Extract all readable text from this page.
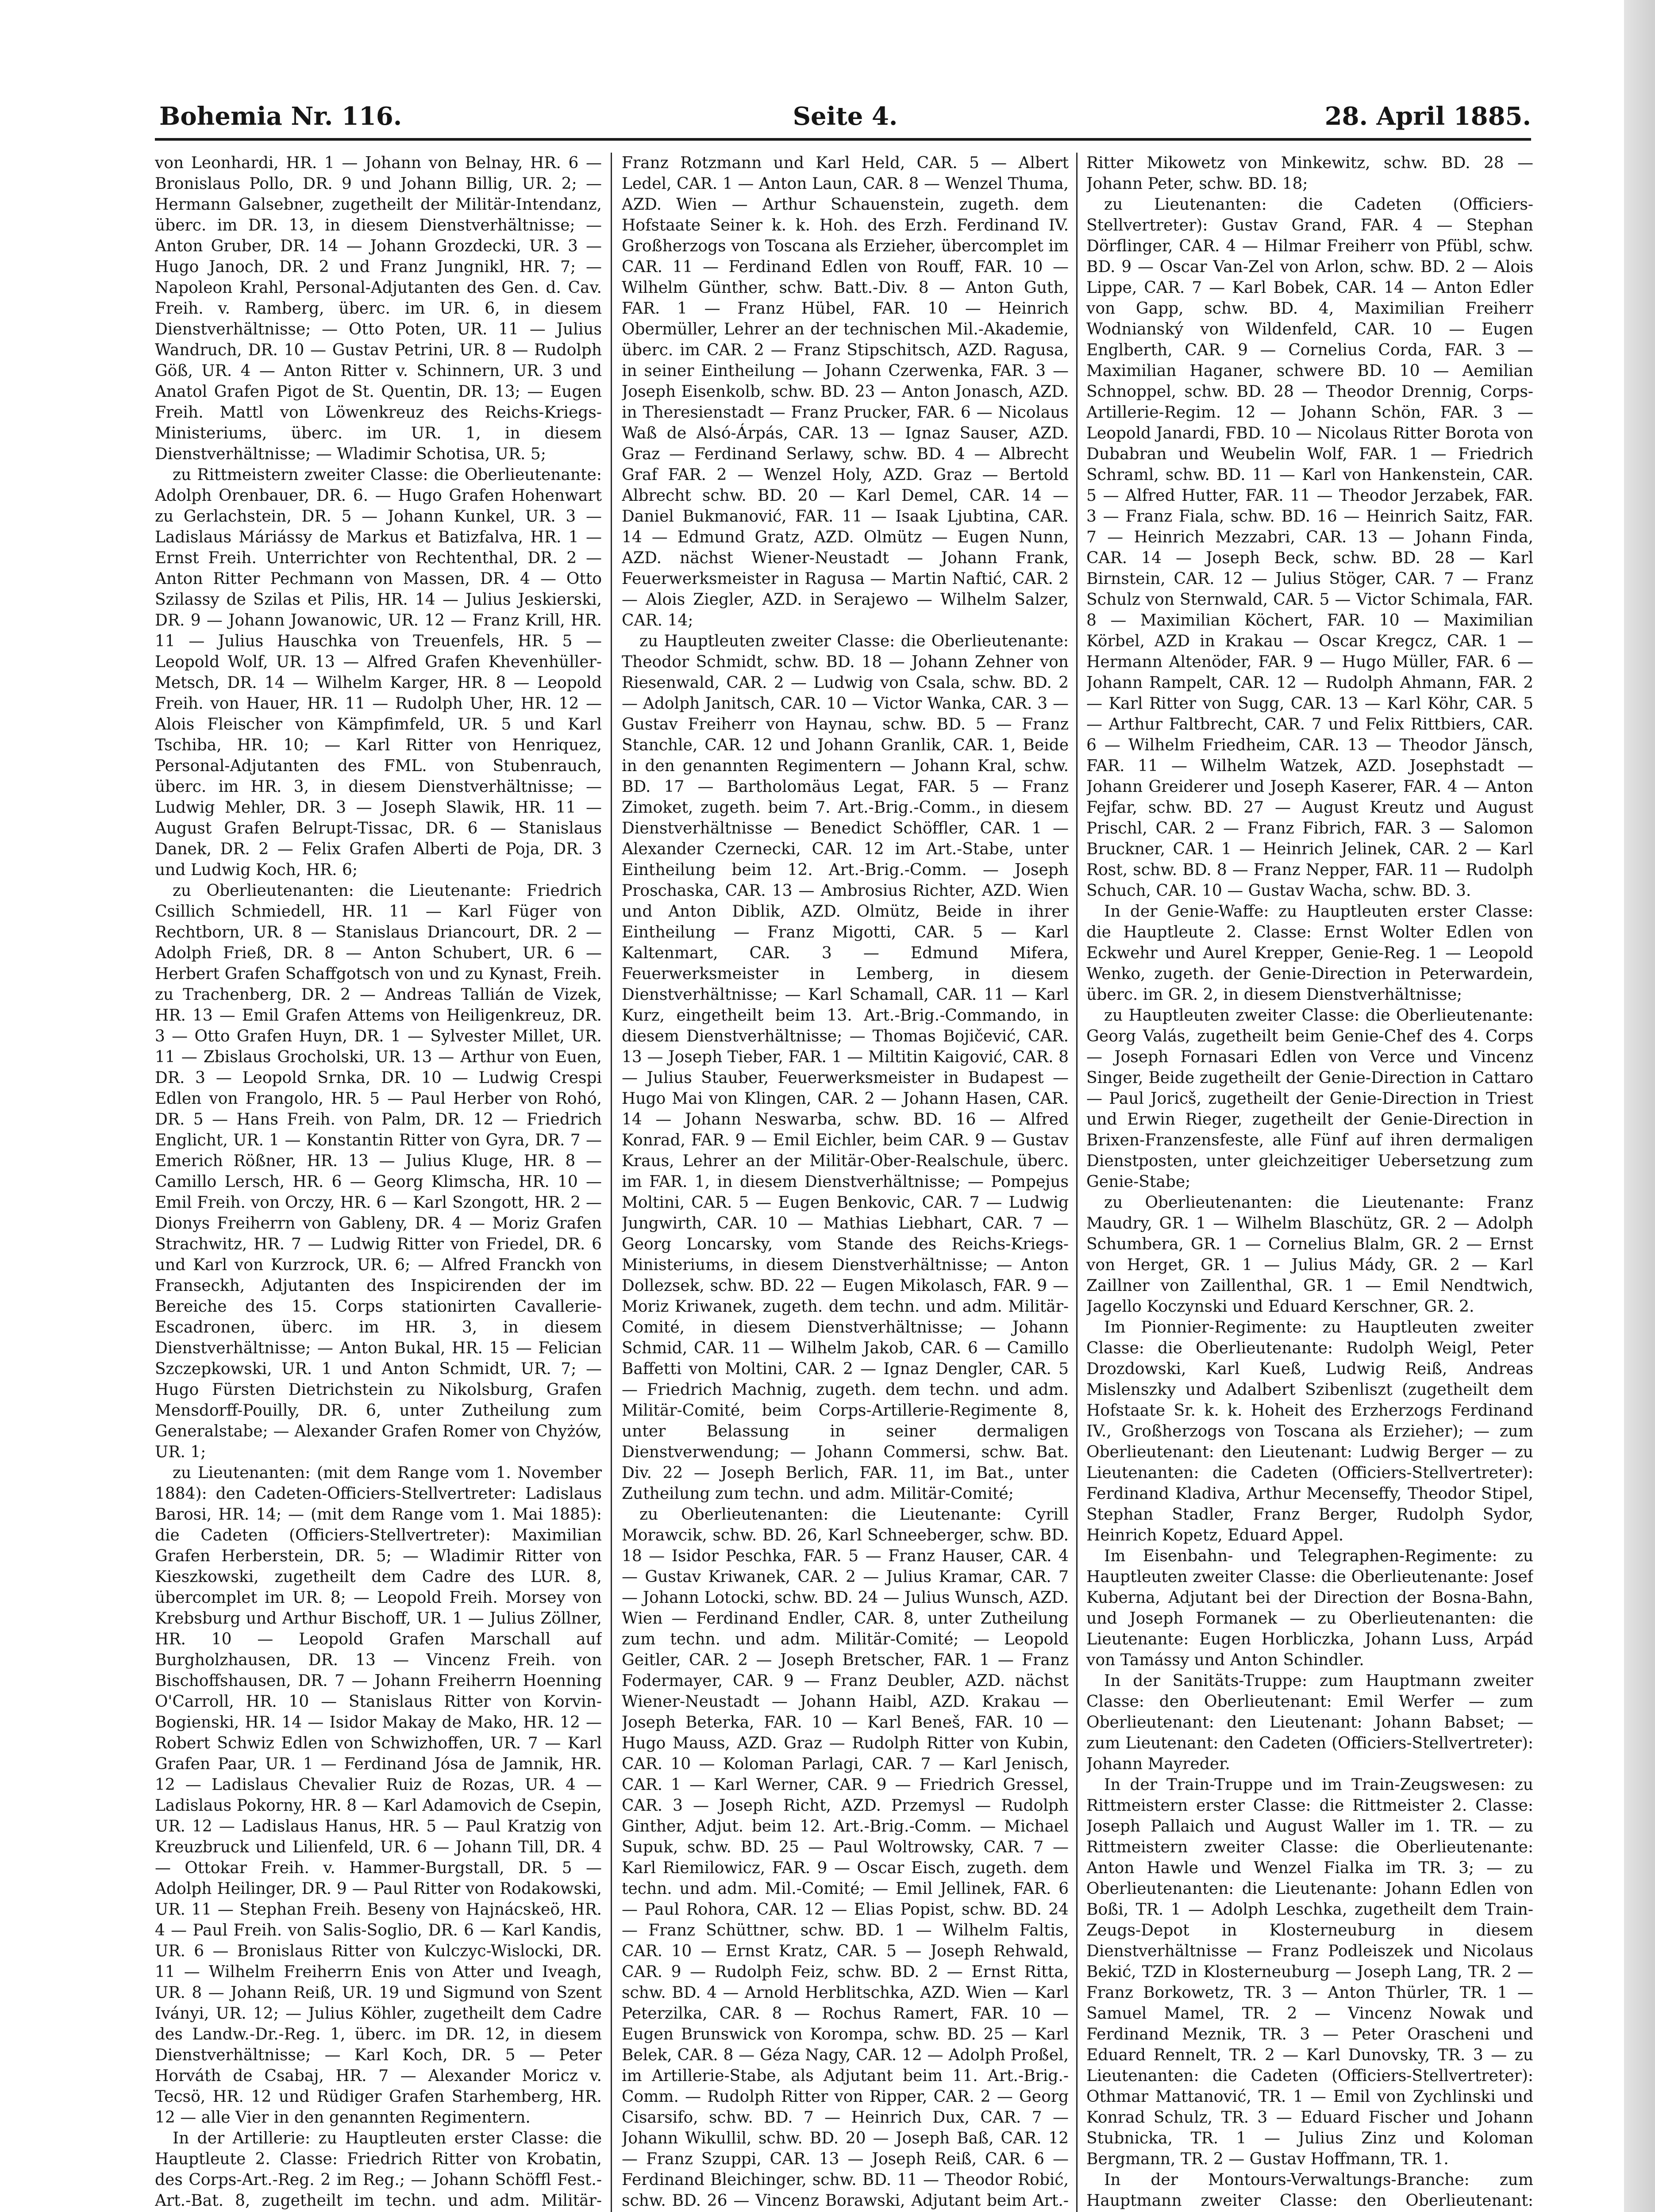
Bohemia Nr. 116.	Seite 4.	28. April 1885.

von Leonhardi, HR. 1 — Johann von Belnay, HR. 6 — Bronislaus Pollo, DR. 9 und Johann Billig, UR. 2; — Hermann Galsebner, zugetheilt der Militär-Intendanz, überc. im DR. 13, in diesem Dienstverhältnisse; — Anton Gruber, DR. 14 — Johann Grozdecki, UR. 3 — Hugo Janoch, DR. 2 und Franz Jungnikl, HR. 7; — Napoleon Krahl, Personal-Adjutanten des Gen. d. Cav. Freih. v. Ramberg, überc. im UR. 6, in diesem Dienstverhältnisse; — Otto Poten, UR. 11 — Julius Wandruch, DR. 10 — Gustav Petrini, UR. 8 — Rudolph Göß, UR. 4 — Anton Ritter v. Schinnern, UR. 3 und Anatol Grafen Pigot de St. Quentin, DR. 13; — Eugen Freih. Mattl von Löwenkreuz des Reichs-Kriegs-Ministeriums, überc. im UR. 1, in diesem Dienstverhältnisse; — Wladimir Schotisa, UR. 5;

zu Rittmeistern zweiter Classe: die Oberlieutenante: Adolph Orenbauer, DR. 6. — Hugo Grafen Hohenwart zu Gerlachstein, DR. 5 — Johann Kunkel, UR. 3 — Ladislaus Máriássy de Markus et Batizfalva, HR. 1 — Ernst Freih. Unterrichter von Rechtenthal, DR. 2 — Anton Ritter Pechmann von Massen, DR. 4 — Otto Szilassy de Szilas et Pilis, HR. 14 — Julius Jeskierski, DR. 9 — Johann Jowanowic, UR. 12 — Franz Krill, HR. 11 — Julius Hauschka von Treuenfels, HR. 5 — Leopold Wolf, UR. 13 — Alfred Grafen Khevenhüller-Metsch, DR. 14 — Wilhelm Karger, HR. 8 — Leopold Freih. von Hauer, HR. 11 — Rudolph Uher, HR. 12 — Alois Fleischer von Kämpfimfeld, UR. 5 und Karl Tschiba, HR. 10; — Karl Ritter von Henriquez, Personal-Adjutanten des FML. von Stubenrauch, überc. im HR. 3, in diesem Dienstverhältnisse; — Ludwig Mehler, DR. 3 — Joseph Slawik, HR. 11 — August Grafen Belrupt-Tissac, DR. 6 — Stanislaus Danek, DR. 2 — Felix Grafen Alberti de Poja, DR. 3 und Ludwig Koch, HR. 6;

zu Oberlieutenanten: die Lieutenante: Friedrich Csillich Schmiedell, HR. 11 — Karl Füger von Rechtborn, UR. 8 — Stanislaus Driancourt, DR. 2 — Adolph Frieß, DR. 8 — Anton Schubert, UR. 6 — Herbert Grafen Schaffgotsch von und zu Kynast, Freih. zu Trachenberg, DR. 2 — Andreas Tallián de Vizek, HR. 13 — Emil Grafen Attems von Heiligenkreuz, DR. 3 — Otto Grafen Huyn, DR. 1 — Sylvester Millet, UR. 11 — Zbislaus Grocholski, UR. 13 — Arthur von Euen, DR. 3 — Leopold Srnka, DR. 10 — Ludwig Crespi Edlen von Frangolo, HR. 5 — Paul Herber von Rohó, DR. 5 — Hans Freih. von Palm, DR. 12 — Friedrich Englicht, UR. 1 — Konstantin Ritter von Gyra, DR. 7 — Emerich Rößner, HR. 13 — Julius Kluge, HR. 8 — Camillo Lersch, HR. 6 — Georg Klimscha, HR. 10 — Emil Freih. von Orczy, HR. 6 — Karl Szongott, HR. 2 — Dionys Freiherrn von Gableny, DR. 4 — Moriz Grafen Strachwitz, HR. 7 — Ludwig Ritter von Friedel, DR. 6 und Karl von Kurzrock, UR. 6; — Alfred Franckh von Franseckh, Adjutanten des Inspicirenden der im Bereiche des 15. Corps stationirten Cavallerie-Escadronen, überc. im HR. 3, in diesem Dienstverhältnisse; — Anton Bukal, HR. 15 — Felician Szczepkowski, UR. 1 und Anton Schmidt, UR. 7; — Hugo Fürsten Dietrichstein zu Nikolsburg, Grafen Mensdorff-Pouilly, DR. 6, unter Zutheilung zum Generalstabe; — Alexander Grafen Romer von Chyżów, UR. 1;

zu Lieutenanten: (mit dem Range vom 1. November 1884): den Cadeten-Officiers-Stellvertreter: Ladislaus Barosi, HR. 14; — (mit dem Range vom 1. Mai 1885): die Cadeten (Officiers-Stellvertreter): Maximilian Grafen Herberstein, DR. 5; — Wladimir Ritter von Kieszkowski, zugetheilt dem Cadre des LUR. 8, übercomplet im UR. 8; — Leopold Freih. Morsey von Krebsburg und Arthur Bischoff, UR. 1 — Julius Zöllner, HR. 10 — Leopold Grafen Marschall auf Burgholzhausen, DR. 13 — Vincenz Freih. von Bischoffshausen, DR. 7 — Johann Freiherrn Hoenning O'Carroll, HR. 10 — Stanislaus Ritter von Korvin-Bogienski, HR. 14 — Isidor Makay de Mako, HR. 12 — Robert Schwiz Edlen von Schwizhoffen, UR. 7 — Karl Grafen Paar, UR. 1 — Ferdinand Jósa de Jamnik, HR. 12 — Ladislaus Chevalier Ruiz de Rozas, UR. 4 — Ladislaus Pokorny, HR. 8 — Karl Adamovich de Csepin, UR. 12 — Ladislaus Hanus, HR. 5 — Paul Kratzig von Kreuzbruck und Lilienfeld, UR. 6 — Johann Till, DR. 4 — Ottokar Freih. v. Hammer-Burgstall, DR. 5 — Adolph Heilinger, DR. 9 — Paul Ritter von Rodakowski, UR. 11 — Stephan Freih. Beseny von Hajnácskeö, HR. 4 — Paul Freih. von Salis-Soglio, DR. 6 — Karl Kandis, UR. 6 — Bronislaus Ritter von Kulczyc-Wislocki, DR. 11 — Wilhelm Freiherrn Enis von Atter und Iveagh, UR. 8 — Johann Reiß, UR. 19 und Sigmund von Szent Iványi, UR. 12; — Julius Köhler, zugetheilt dem Cadre des Landw.-Dr.-Reg. 1, überc. im DR. 12, in diesem Dienstverhältnisse; — Karl Koch, DR. 5 — Peter Horváth de Csabaj, HR. 7 — Alexander Moricz v. Tecsö, HR. 12 und Rüdiger Grafen Starhemberg, HR. 12 — alle Vier in den genannten Regimentern.

In der Artillerie: zu Hauptleuten erster Classe: die Hauptleute 2. Classe: Friedrich Ritter von Krobatin, des Corps-Art.-Reg. 2 im Reg.; — Johann Schöffl Fest.-Art.-Bat. 8, zugetheilt im techn. und adm. Militär-

Franz Rotzmann und Karl Held, CAR. 5 — Albert Ledel, CAR. 1 — Anton Laun, CAR. 8 — Wenzel Thuma, AZD. Wien — Arthur Schauenstein, zugeth. dem Hofstaate Seiner k. k. Hoh. des Erzh. Ferdinand IV. Großherzogs von Toscana als Erzieher, übercomplet im CAR. 11 — Ferdinand Edlen von Rouff, FAR. 10 — Wilhelm Günther, schw. Batt.-Div. 8 — Anton Guth, FAR. 1 — Franz Hübel, FAR. 10 — Heinrich Obermüller, Lehrer an der technischen Mil.-Akademie, überc. im CAR. 2 — Franz Stipschitsch, AZD. Ragusa, in seiner Eintheilung — Johann Czerwenka, FAR. 3 — Joseph Eisenkolb, schw. BD. 23 — Anton Jonasch, AZD. in Theresienstadt — Franz Prucker, FAR. 6 — Nicolaus Waß de Alsó-Árpás, CAR. 13 — Ignaz Sauser, AZD. Graz — Ferdinand Serlawy, schw. BD. 4 — Albrecht Graf FAR. 2 — Wenzel Holy, AZD. Graz — Bertold Albrecht schw. BD. 20 — Karl Demel, CAR. 14 — Daniel Bukmanović, FAR. 11 — Isaak Ljubtina, CAR. 14 — Edmund Gratz, AZD. Olmütz — Eugen Nunn, AZD. nächst Wiener-Neustadt — Johann Frank, Feuerwerksmeister in Ragusa — Martin Naftić, CAR. 2 — Alois Ziegler, AZD. in Serajewo — Wilhelm Salzer, CAR. 14;

zu Hauptleuten zweiter Classe: die Oberlieutenante: Theodor Schmidt, schw. BD. 18 — Johann Zehner von Riesenwald, CAR. 2 — Ludwig von Csala, schw. BD. 2 — Adolph Janitsch, CAR. 10 — Victor Wanka, CAR. 3 — Gustav Freiherr von Haynau, schw. BD. 5 — Franz Stanchle, CAR. 12 und Johann Granlik, CAR. 1, Beide in den genannten Regimentern — Johann Kral, schw. BD. 17 — Bartholomäus Legat, FAR. 5 — Franz Zimoket, zugeth. beim 7. Art.-Brig.-Comm., in diesem Dienstverhältnisse — Benedict Schöffler, CAR. 1 — Alexander Czernecki, CAR. 12 im Art.-Stabe, unter Eintheilung beim 12. Art.-Brig.-Comm. — Joseph Proschaska, CAR. 13 — Ambrosius Richter, AZD. Wien und Anton Diblik, AZD. Olmütz, Beide in ihrer Eintheilung — Franz Migotti, CAR. 5 — Karl Kaltenmart, CAR. 3 — Edmund Mifera, Feuerwerksmeister in Lemberg, in diesem Dienstverhältnisse; — Karl Schamall, CAR. 11 — Karl Kurz, eingetheilt beim 13. Art.-Brig.-Commando, in diesem Dienstverhältnisse; — Thomas Bojičević, CAR. 13 — Joseph Tieber, FAR. 1 — Miltitin Kaigović, CAR. 8 — Julius Stauber, Feuerwerksmeister in Budapest — Hugo Mai von Klingen, CAR. 2 — Johann Hasen, CAR. 14 — Johann Neswarba, schw. BD. 16 — Alfred Konrad, FAR. 9 — Emil Eichler, beim CAR. 9 — Gustav Kraus, Lehrer an der Militär-Ober-Realschule, überc. im FAR. 1, in diesem Dienstverhältnisse; — Pompejus Moltini, CAR. 5 — Eugen Benkovic, CAR. 7 — Ludwig Jungwirth, CAR. 10 — Mathias Liebhart, CAR. 7 — Georg Loncarsky, vom Stande des Reichs-Kriegs-Ministeriums, in diesem Dienstverhältnisse; — Anton Dollezsek, schw. BD. 22 — Eugen Mikolasch, FAR. 9 — Moriz Kriwanek, zugeth. dem techn. und adm. Militär-Comité, in diesem Dienstverhältnisse; — Johann Schmid, CAR. 11 — Wilhelm Jakob, CAR. 6 — Camillo Baffetti von Moltini, CAR. 2 — Ignaz Dengler, CAR. 5 — Friedrich Machnig, zugeth. dem techn. und adm. Militär-Comité, beim Corps-Artillerie-Regimente 8, unter Belassung in seiner dermaligen Dienstverwendung; — Johann Commersi, schw. Bat. Div. 22 — Joseph Berlich, FAR. 11, im Bat., unter Zutheilung zum techn. und adm. Militär-Comité;

zu Oberlieutenanten: die Lieutenante: Cyrill Morawcik, schw. BD. 26, Karl Schneeberger, schw. BD. 18 — Isidor Peschka, FAR. 5 — Franz Hauser, CAR. 4 — Gustav Kriwanek, CAR. 2 — Julius Kramar, CAR. 7 — Johann Lotocki, schw. BD. 24 — Julius Wunsch, AZD. Wien — Ferdinand Endler, CAR. 8, unter Zutheilung zum techn. und adm. Militär-Comité; — Leopold Geitler, CAR. 2 — Joseph Bretscher, FAR. 1 — Franz Fodermayer, CAR. 9 — Franz Deubler, AZD. nächst Wiener-Neustadt — Johann Haibl, AZD. Krakau — Joseph Beterka, FAR. 10 — Karl Beneš, FAR. 10 — Hugo Mauss, AZD. Graz — Rudolph Ritter von Kubin, CAR. 10 — Koloman Parlagi, CAR. 7 — Karl Jenisch, CAR. 1 — Karl Werner, CAR. 9 — Friedrich Gressel, CAR. 3 — Joseph Richt, AZD. Przemysl — Rudolph Ginther, Adjut. beim 12. Art.-Brig.-Comm. — Michael Supuk, schw. BD. 25 — Paul Woltrowsky, CAR. 7 — Karl Riemilowicz, FAR. 9 — Oscar Eisch, zugeth. dem techn. und adm. Mil.-Comité; — Emil Jellinek, FAR. 6 — Paul Rohora, CAR. 12 — Elias Popist, schw. BD. 24 — Franz Schüttner, schw. BD. 1 — Wilhelm Faltis, CAR. 10 — Ernst Kratz, CAR. 5 — Joseph Rehwald, CAR. 9 — Rudolph Feiz, schw. BD. 2 — Ernst Ritta, schw. BD. 4 — Arnold Herblitschka, AZD. Wien — Karl Peterzilka, CAR. 8 — Rochus Ramert, FAR. 10 — Eugen Brunswick von Korompa, schw. BD. 25 — Karl Belek, CAR. 8 — Géza Nagy, CAR. 12 — Adolph Proßel, im Artillerie-Stabe, als Adjutant beim 11. Art.-Brig.-Comm. — Rudolph Ritter von Ripper, CAR. 2 — Georg Cisarsifo, schw. BD. 7 — Heinrich Dux, CAR. 7 — Johann Wikullil, schw. BD. 20 — Joseph Baß, CAR. 12 — Franz Szuppi, CAR. 13 — Joseph Reiß, CAR. 6 — Ferdinand Bleichinger, schw. BD. 11 — Theodor Robić, schw. BD. 26 — Vincenz Borawski, Adjutant beim Art.-

Ritter Mikowetz von Minkewitz, schw. BD. 28 — Johann Peter, schw. BD. 18;

zu Lieutenanten: die Cadeten (Officiers-Stellvertreter): Gustav Grand, FAR. 4 — Stephan Dörflinger, CAR. 4 — Hilmar Freiherr von Pfübl, schw. BD. 9 — Oscar Van-Zel von Arlon, schw. BD. 2 — Alois Lippe, CAR. 7 — Karl Bobek, CAR. 14 — Anton Edler von Gapp, schw. BD. 4, Maximilian Freiherr Wodnianský von Wildenfeld, CAR. 10 — Eugen Englberth, CAR. 9 — Cornelius Corda, FAR. 3 — Maximilian Haganer, schwere BD. 10 — Aemilian Schnoppel, schw. BD. 28 — Theodor Drennig, Corps-Artillerie-Regim. 12 — Johann Schön, FAR. 3 — Leopold Janardi, FBD. 10 — Nicolaus Ritter Borota von Dubabran und Weubelin Wolf, FAR. 1 — Friedrich Schraml, schw. BD. 11 — Karl von Hankenstein, CAR. 5 — Alfred Hutter, FAR. 11 — Theodor Jerzabek, FAR. 3 — Franz Fiala, schw. BD. 16 — Heinrich Saitz, FAR. 7 — Heinrich Mezzabri, CAR. 13 — Johann Finda, CAR. 14 — Joseph Beck, schw. BD. 28 — Karl Birnstein, CAR. 12 — Julius Stöger, CAR. 7 — Franz Schulz von Sternwald, CAR. 5 — Victor Schimala, FAR. 8 — Maximilian Köchert, FAR. 10 — Maximilian Körbel, AZD in Krakau — Oscar Kregcz, CAR. 1 — Hermann Altenöder, FAR. 9 — Hugo Müller, FAR. 6 — Johann Rampelt, CAR. 12 — Rudolph Ahmann, FAR. 2 — Karl Ritter von Sugg, CAR. 13 — Karl Köhr, CAR. 5 — Arthur Faltbrecht, CAR. 7 und Felix Rittbiers, CAR. 6 — Wilhelm Friedheim, CAR. 13 — Theodor Jänsch, FAR. 11 — Wilhelm Watzek, AZD. Josephstadt — Johann Greiderer und Joseph Kaserer, FAR. 4 — Anton Fejfar, schw. BD. 27 — August Kreutz und August Prischl, CAR. 2 — Franz Fibrich, FAR. 3 — Salomon Bruckner, CAR. 1 — Heinrich Jelinek, CAR. 2 — Karl Rost, schw. BD. 8 — Franz Nepper, FAR. 11 — Rudolph Schuch, CAR. 10 — Gustav Wacha, schw. BD. 3.

In der Genie-Waffe: zu Hauptleuten erster Classe: die Hauptleute 2. Classe: Ernst Wolter Edlen von Eckwehr und Aurel Krepper, Genie-Reg. 1 — Leopold Wenko, zugeth. der Genie-Direction in Peterwardein, überc. im GR. 2, in diesem Dienstverhältnisse;

zu Hauptleuten zweiter Classe: die Oberlieutenante: Georg Valás, zugetheilt beim Genie-Chef des 4. Corps — Joseph Fornasari Edlen von Verce und Vincenz Singer, Beide zugetheilt der Genie-Direction in Cattaro — Paul Joricš, zugetheilt der Genie-Direction in Triest und Erwin Rieger, zugetheilt der Genie-Direction in Brixen-Franzensfeste, alle Fünf auf ihren dermaligen Dienstposten, unter gleichzeitiger Uebersetzung zum Genie-Stabe;

zu Oberlieutenanten: die Lieutenante: Franz Maudry, GR. 1 — Wilhelm Blaschütz, GR. 2 — Adolph Schumbera, GR. 1 — Cornelius Blalm, GR. 2 — Ernst von Herget, GR. 1 — Julius Mády, GR. 2 — Karl Zaillner von Zaillenthal, GR. 1 — Emil Nendtwich, Jagello Koczynski und Eduard Kerschner, GR. 2.

Im Pionnier-Regimente: zu Hauptleuten zweiter Classe: die Oberlieutenante: Rudolph Weigl, Peter Drozdowski, Karl Kueß, Ludwig Reiß, Andreas Mislenszky und Adalbert Szibenliszt (zugetheilt dem Hofstaate Sr. k. k. Hoheit des Erzherzogs Ferdinand IV., Großherzogs von Toscana als Erzieher); — zum Oberlieutenant: den Lieutenant: Ludwig Berger — zu Lieutenanten: die Cadeten (Officiers-Stellvertreter): Ferdinand Kladiva, Arthur Mecenseffy, Theodor Stipel, Stephan Stadler, Franz Berger, Rudolph Sydor, Heinrich Kopetz, Eduard Appel.

Im Eisenbahn- und Telegraphen-Regimente: zu Hauptleuten zweiter Classe: die Oberlieutenante: Josef Kuberna, Adjutant bei der Direction der Bosna-Bahn, und Joseph Formanek — zu Oberlieutenanten: die Lieutenante: Eugen Horbliczka, Johann Luss, Arpád von Tamássy und Anton Schindler.

In der Sanitäts-Truppe: zum Hauptmann zweiter Classe: den Oberlieutenant: Emil Werfer — zum Oberlieutenant: den Lieutenant: Johann Babset; — zum Lieutenant: den Cadeten (Officiers-Stellvertreter): Johann Mayreder.

In der Train-Truppe und im Train-Zeugswesen: zu Rittmeistern erster Classe: die Rittmeister 2. Classe: Joseph Pallaich und August Waller im 1. TR. — zu Rittmeistern zweiter Classe: die Oberlieutenante: Anton Hawle und Wenzel Fialka im TR. 3; — zu Oberlieutenanten: die Lieutenante: Johann Edlen von Boßi, TR. 1 — Adolph Leschka, zugetheilt dem Train-Zeugs-Depot in Klosterneuburg in diesem Dienstverhältnisse — Franz Podleiszek und Nicolaus Bekić, TZD in Klosterneuburg — Joseph Lang, TR. 2 — Franz Borkowetz, TR. 3 — Anton Thürler, TR. 1 — Samuel Mamel, TR. 2 — Vincenz Nowak und Ferdinand Meznik, TR. 3 — Peter Orascheni und Eduard Rennelt, TR. 2 — Karl Dunovsky, TR. 3 — zu Lieutenanten: die Cadeten (Officiers-Stellvertreter): Othmar Mattanović, TR. 1 — Emil von Zychlinski und Konrad Schulz, TR. 3 — Eduard Fischer und Johann Stubnicka, TR. 1 — Julius Zinz und Koloman Bergmann, TR. 2 — Gustav Hoffmann, TR. 1.

In der Montours-Verwaltungs-Branche: zum Hauptmann zweiter Classe: den Oberlieutenant:
